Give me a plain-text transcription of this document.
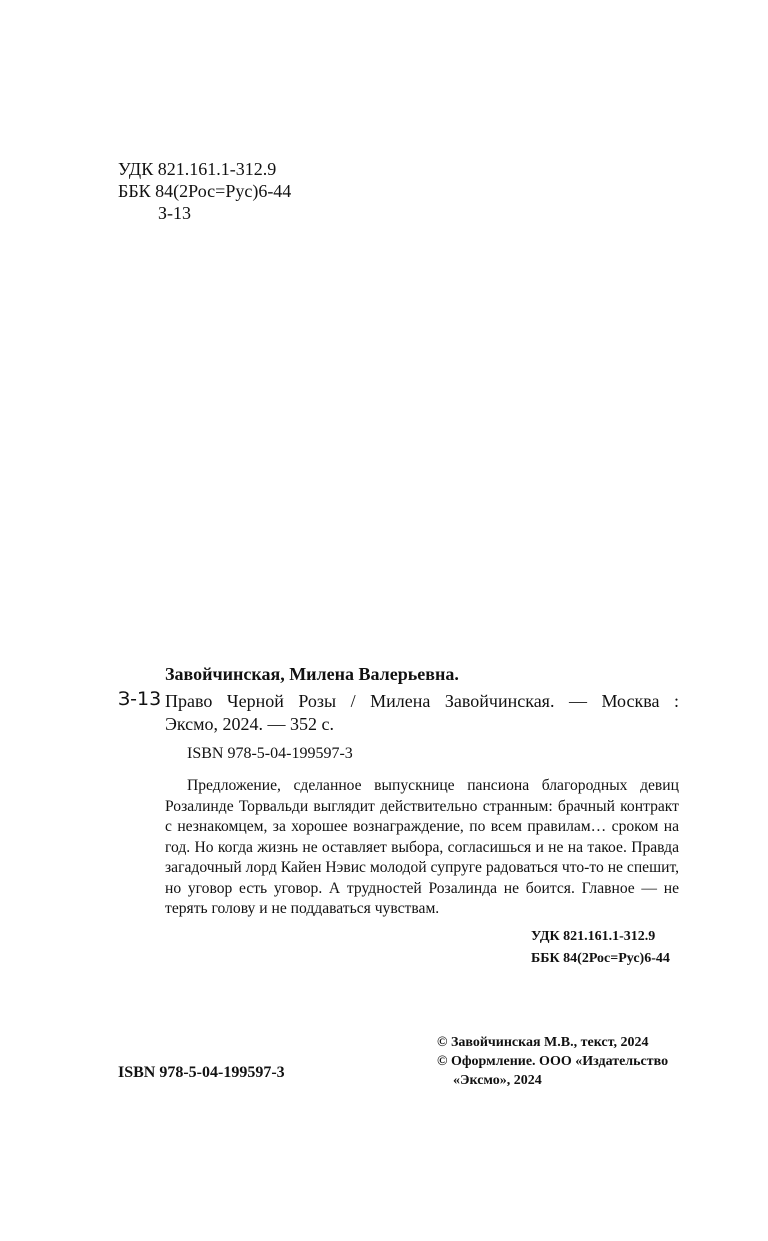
УДК 821.161.1-312.9

ББК 84(2Рос=Рус)6-44

З-13

Завойчинская, Милена Валерьевна.

З-13 Право Черной Розы / Милена Завойчинская. — Москва :
Эксмо, 2024. — 352 с.

ISBN 978-5-04-199597-3

Предложение, сделанное выпускнице пансиона благородных девиц Розалинде Торвальди выглядит действительно странным: брачный контракт с незнакомцем, за хорошее вознаграждение, по всем правилам… сроком на год. Но когда жизнь не оставляет выбора, согласишься и не на такое. Правда загадочный лорд Кайен Нэвис молодой супруге радоваться что-то не спешит, но уговор есть уговор. А трудностей Розалинда не боится. Главное — не терять голову и не поддаваться чувствам.

УДК 821.161.1-312.9
ББК 84(2Рос=Рус)6-44
© Завойчинская М.В., текст, 2024
© Оформление. ООО «Издательство
«Эксмо», 2024

ISBN 978-5-04-199597-3
